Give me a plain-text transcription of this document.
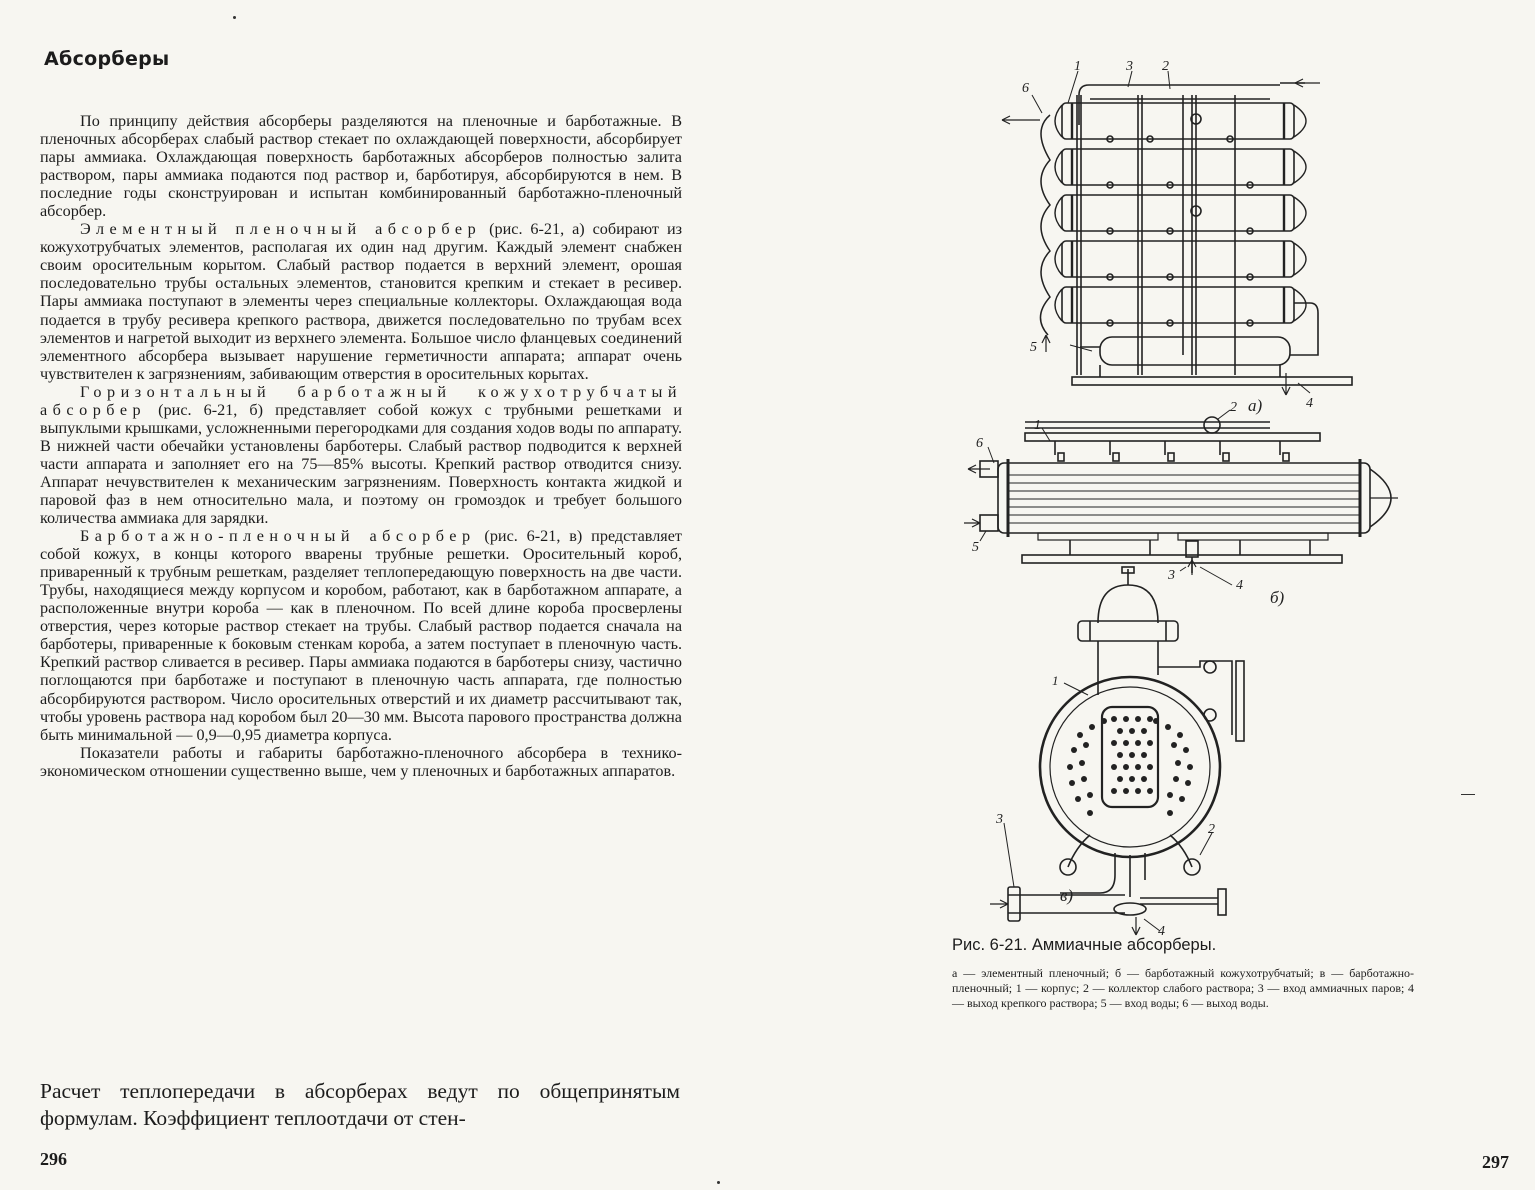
Абсорберы

По принципу действия абсорберы разделяются на пленочные и барботажные. В пленочных абсорберах слабый раствор стекает по охлаждающей поверхности, абсорбирует пары аммиака. Охлаждающая поверхность барботажных абсорберов полностью залита раствором, пары аммиака подаются под раствор и, барботируя, абсорбируются в нем. В последние годы сконструирован и испытан комбинированный барботажно-пленочный абсорбер.

Элементный пленочный абсорбер (рис. 6-21, а) собирают из кожухотрубчатых элементов, располагая их один над другим. Каждый элемент снабжен своим оросительным корытом. Слабый раствор подается в верхний элемент, орошая последовательно трубы остальных элементов, становится крепким и стекает в ресивер. Пары аммиака поступают в элементы через специальные коллекторы. Охлаждающая вода подается в трубу ресивера крепкого раствора, движется последовательно по трубам всех элементов и нагретой выходит из верхнего элемента. Большое число фланцевых соединений элементного абсорбера вызывает нарушение герметичности аппарата; аппарат очень чувствителен к загрязнениям, забивающим отверстия в оросительных корытах.

Горизонтальный барботажный кожухотрубчатый абсорбер (рис. 6-21, б) представляет собой кожух с трубными решетками и выпуклыми крышками, усложненными перегородками для создания ходов воды по аппарату. В нижней части обечайки установлены барботеры. Слабый раствор подводится к верхней части аппарата и заполняет его на 75—85% высоты. Крепкий раствор отводится снизу. Аппарат нечувствителен к механическим загрязнениям. Поверхность контакта жидкой и паровой фаз в нем относительно мала, и поэтому он громоздок и требует большого количества аммиака для зарядки.

Барботажно-пленочный абсорбер (рис. 6-21, в) представляет собой кожух, в концы которого вварены трубные решетки. Оросительный короб, приваренный к трубным решеткам, разделяет теплопередающую поверхность на две части. Трубы, находящиеся между корпусом и коробом, работают, как в барботажном аппарате, а расположенные внутри короба — как в пленочном. По всей длине короба просверлены отверстия, через которые раствор стекает на трубы. Слабый раствор подается сначала на барботеры, приваренные к боковым стенкам короба, а затем поступает в пленочную часть. Крепкий раствор сливается в ресивер. Пары аммиака подаются в барботеры снизу, частично поглощаются при барботаже и поступают в пленочную часть аппарата, где полностью абсорбируются раствором. Число оросительных отверстий и их диаметр рассчитывают так, чтобы уровень раствора над коробом был 20—30 мм. Высота парового пространства должна быть минимальной — 0,9—0,95 диаметра корпуса.

Показатели работы и габариты барботажно-пленочного абсорбера в технико-экономическом отношении существенно выше, чем у пленочных и барботажных аппаратов.

Расчет теплопередачи в абсорберах ведут по общепринятым формулам. Коэффициент теплоотдачи от стен-
296
1	3 2
6
5
4
а)
2
6
1
5
3
4
б)
1
3
2
4
в)
Рис. 6-21. Аммиачные абсорберы.
а — элементный пленочный; б — барботажный кожухотрубчатый; в — барботажно-пленочный; 1 — корпус; 2 — коллектор слабого раствора; 3 — вход аммиачных паров; 4 — выход крепкого раствора; 5 — вход воды; 6 — выход воды.
297
